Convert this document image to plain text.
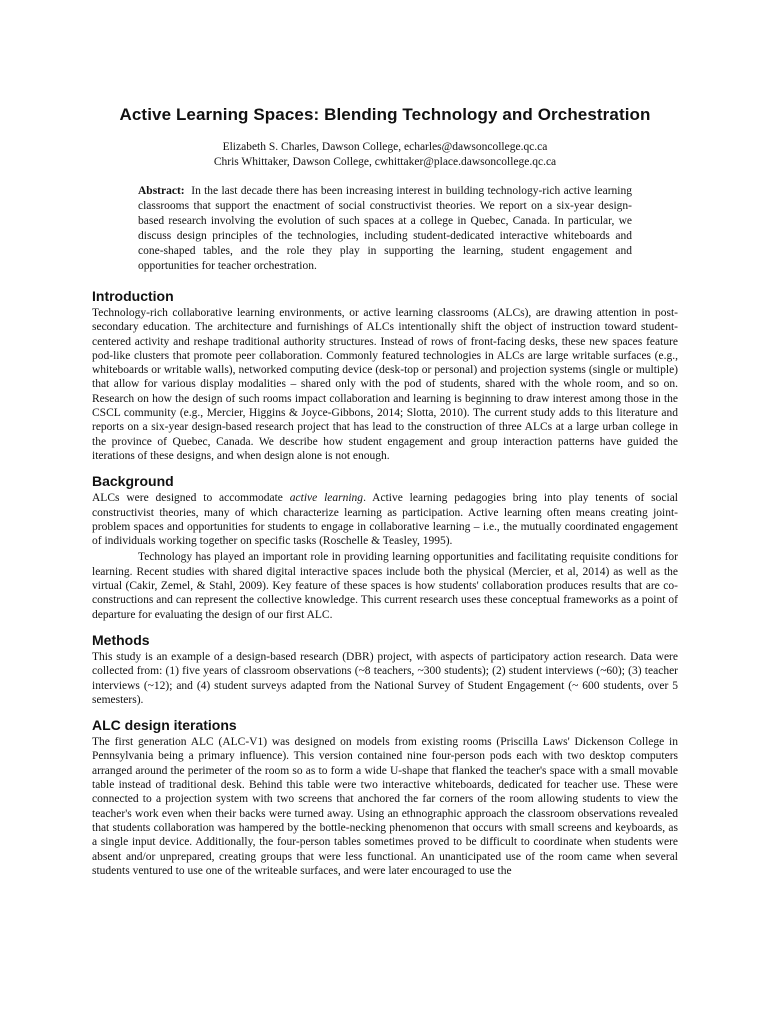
Active Learning Spaces: Blending Technology and Orchestration
Elizabeth S. Charles, Dawson College, echarles@dawsoncollege.qc.ca
Chris Whittaker, Dawson College, cwhittaker@place.dawsoncollege.qc.ca
Abstract: In the last decade there has been increasing interest in building technology-rich active learning classrooms that support the enactment of social constructivist theories. We report on a six-year design-based research involving the evolution of such spaces at a college in Quebec, Canada. In particular, we discuss design principles of the technologies, including student-dedicated interactive whiteboards and cone-shaped tables, and the role they play in supporting the learning, student engagement and opportunities for teacher orchestration.
Introduction

Technology-rich collaborative learning environments, or active learning classrooms (ALCs), are drawing attention in post-secondary education. The architecture and furnishings of ALCs intentionally shift the object of instruction toward student-centered activity and reshape traditional authority structures. Instead of rows of front-facing desks, these new spaces feature pod-like clusters that promote peer collaboration. Commonly featured technologies in ALCs are large writable surfaces (e.g., whiteboards or writable walls), networked computing device (desk-top or personal) and projection systems (single or multiple) that allow for various display modalities – shared only with the pod of students, shared with the whole room, and so on. Research on how the design of such rooms impact collaboration and learning is beginning to draw interest among those in the CSCL community (e.g., Mercier, Higgins & Joyce-Gibbons, 2014; Slotta, 2010). The current study adds to this literature and reports on a six-year design-based research project that has lead to the construction of three ALCs at a large urban college in the province of Quebec, Canada. We describe how student engagement and group interaction patterns have guided the iterations of these designs, and when design alone is not enough.

Background

ALCs were designed to accommodate active learning. Active learning pedagogies bring into play tenents of social constructivist theories, many of which characterize learning as participation. Active learning often means creating joint-problem spaces and opportunities for students to engage in collaborative learning – i.e., the mutually coordinated engagement of individuals working together on specific tasks (Roschelle & Teasley, 1995).

Technology has played an important role in providing learning opportunities and facilitating requisite conditions for learning. Recent studies with shared digital interactive spaces include both the physical (Mercier, et al, 2014) as well as the virtual (Cakir, Zemel, & Stahl, 2009). Key feature of these spaces is how students' collaboration produces results that are co-constructions and can represent the collective knowledge. This current research uses these conceptual frameworks as a point of departure for evaluating the design of our first ALC.

Methods

This study is an example of a design-based research (DBR) project, with aspects of participatory action research. Data were collected from: (1) five years of classroom observations (~8 teachers, ~300 students); (2) student interviews (~60); (3) teacher interviews (~12); and (4) student surveys adapted from the National Survey of Student Engagement (~ 600 students, over 5 semesters).

ALC design iterations

The first generation ALC (ALC-V1) was designed on models from existing rooms (Priscilla Laws' Dickenson College in Pennsylvania being a primary influence). This version contained nine four-person pods each with two desktop computers arranged around the perimeter of the room so as to form a wide U-shape that flanked the teacher's space with a small movable table instead of traditional desk. Behind this table were two interactive whiteboards, dedicated for teacher use. These were connected to a projection system with two screens that anchored the far corners of the room allowing students to view the teacher's work even when their backs were turned away. Using an ethnographic approach the classroom observations revealed that students collaboration was hampered by the bottle-necking phenomenon that occurs with small screens and keyboards, as a single input device. Additionally, the four-person tables sometimes proved to be difficult to coordinate when students were absent and/or unprepared, creating groups that were less functional. An unanticipated use of the room came when several students ventured to use one of the writeable surfaces, and were later encouraged to use the
